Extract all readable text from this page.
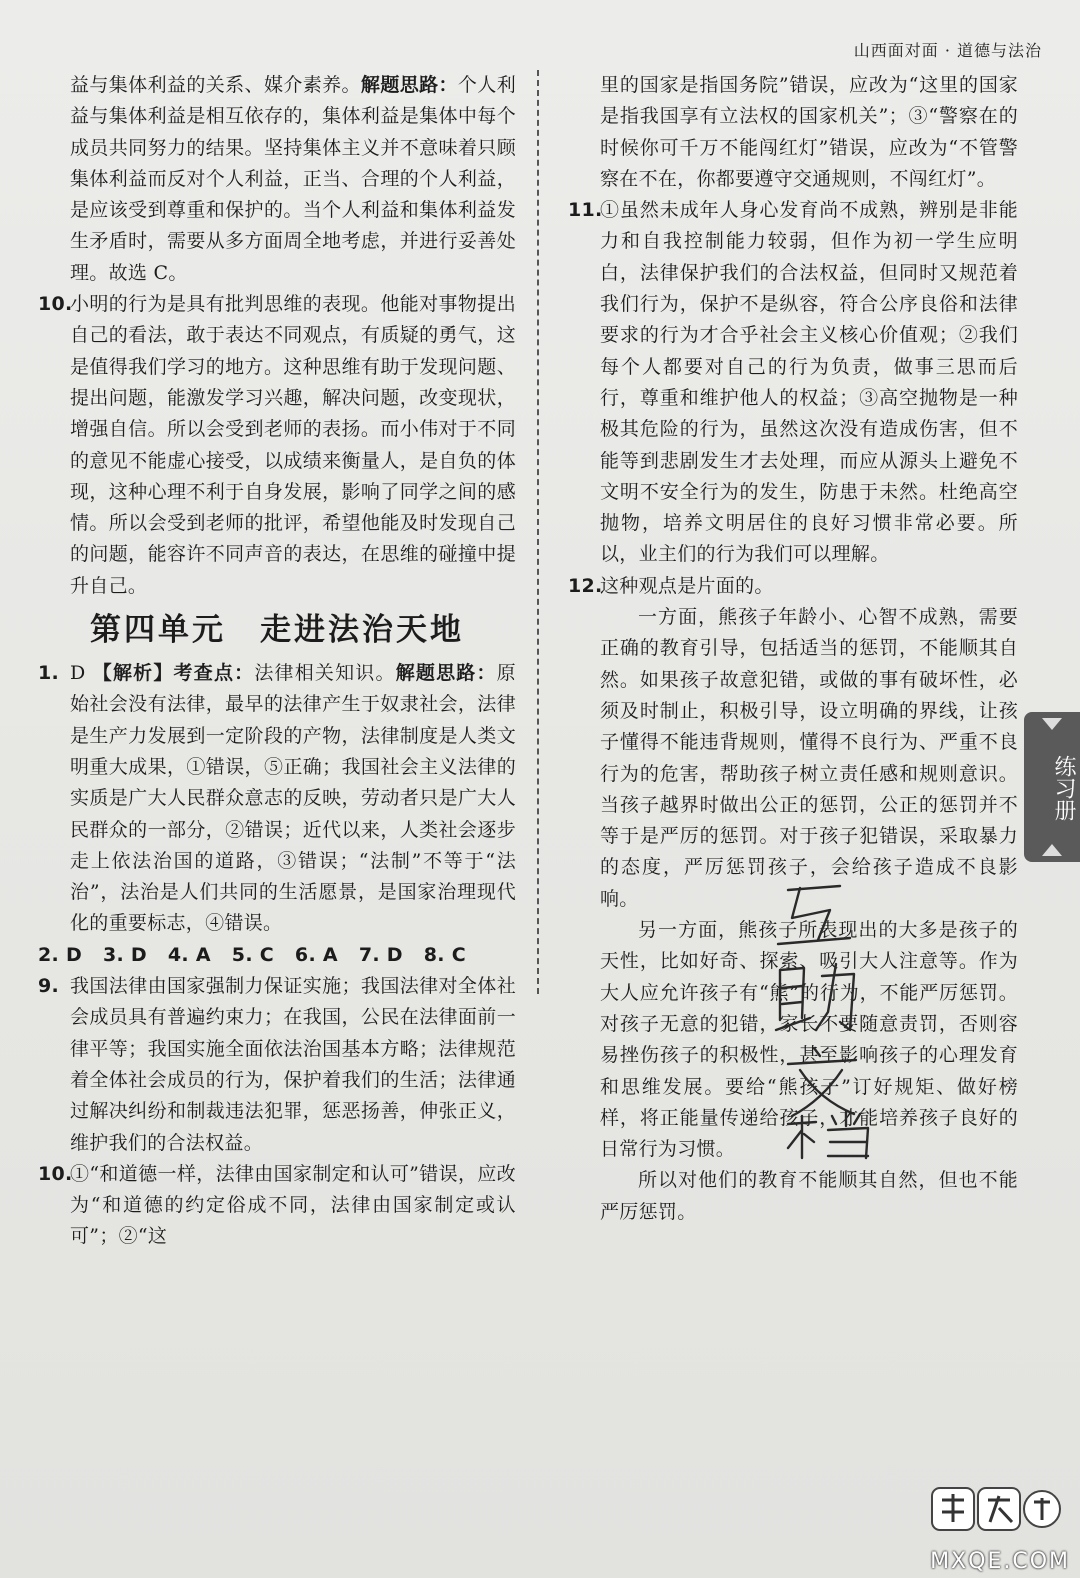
山西面对面 · 道德与法治

益与集体利益的关系、媒介素养。解题思路：个人利益与集体利益是相互依存的，集体利益是集体中每个成员共同努力的结果。坚持集体主义并不意味着只顾集体利益而反对个人利益，正当、合理的个人利益，是应该受到尊重和保护的。当个人利益和集体利益发生矛盾时，需要从多方面周全地考虑，并进行妥善处理。故选 C。

10.
小明的行为是具有批判思维的表现。他能对事物提出自己的看法，敢于表达不同观点，有质疑的勇气，这是值得我们学习的地方。这种思维有助于发现问题、提出问题，能激发学习兴趣，解决问题，改变现状，增强自信。所以会受到老师的表扬。而小伟对于不同的意见不能虚心接受，以成绩来衡量人，是自负的体现，这种心理不利于自身发展，影响了同学之间的感情。所以会受到老师的批评，希望他能及时发现自己的问题，能容许不同声音的表达，在思维的碰撞中提升自己。
第四单元　走进法治天地
1. D 【解析】考查点：法律相关知识。解题思路：原始社会没有法律，最早的法律产生于奴隶社会，法律是生产力发展到一定阶段的产物，法律制度是人类文明重大成果，①错误，⑤正确；我国社会主义法律的实质是广大人民群众意志的反映，劳动者只是广大人民群众的一部分，②错误；近代以来，人类社会逐步走上依法治国的道路，③错误；“法制”不等于“法治”，法治是人们共同的生活愿景，是国家治理现代化的重要标志，④错误。
2. D 3. D 4. A 5. C 6. A 7. D 8. C
9. 我国法律由国家强制力保证实施；我国法律对全体社会成员具有普遍约束力；在我国，公民在法律面前一律平等；我国实施全面依法治国基本方略；法律规范着全体社会成员的行为，保护着我们的生活；法律通过解决纠纷和制裁违法犯罪，惩恶扬善，伸张正义，维护我们的合法权益。
10.
①“和道德一样，法律由国家制定和认可”错误，应改为“和道德的约定俗成不同，法律由国家制定或认可”；②“这

里的国家是指国务院”错误，应改为“这里的国家是指我国享有立法权的国家机关”；③“警察在的时候你可千万不能闯红灯”错误，应改为“不管警察在不在，你都要遵守交通规则，不闯红灯”。

11.
①虽然未成年人身心发育尚不成熟，辨别是非能力和自我控制能力较弱，但作为初一学生应明白，法律保护我们的合法权益，但同时又规范着我们行为，保护不是纵容，符合公序良俗和法律要求的行为才合乎社会主义核心价值观；②我们每个人都要对自己的行为负责，做事三思而后行，尊重和维护他人的权益；③高空抛物是一种极其危险的行为，虽然这次没有造成伤害，但不能等到悲剧发生才去处理，而应从源头上避免不文明不安全行为的发生，防患于未然。杜绝高空抛物，培养文明居住的良好习惯非常必要。所以，业主们的行为我们可以理解。
12.
这种观点是片面的。

一方面，熊孩子年龄小、心智不成熟，需要正确的教育引导，包括适当的惩罚，不能顺其自然。如果孩子故意犯错，或做的事有破坏性，必须及时制止，积极引导，设立明确的界线，让孩子懂得不能违背规则，懂得不良行为、严重不良行为的危害，帮助孩子树立责任感和规则意识。当孩子越界时做出公正的惩罚，公正的惩罚并不等于是严厉的惩罚。对于孩子犯错误，采取暴力的态度，严厉惩罚孩子，会给孩子造成不良影响。

另一方面，熊孩子所表现出的大多是孩子的天性，比如好奇、探索、吸引大人注意等。作为大人应允许孩子有“熊”的行为，不能严厉惩罚。对孩子无意的犯错，家长不要随意责罚，否则容易挫伤孩子的积极性，甚至影响孩子的心理发育和思维发展。要给“熊孩子”订好规矩、做好榜样，将正能量传递给孩子，才能培养孩子良好的日常行为习惯。

所以对他们的教育不能顺其自然，但也不能严厉惩罚。

练习册
MXQE.COM
